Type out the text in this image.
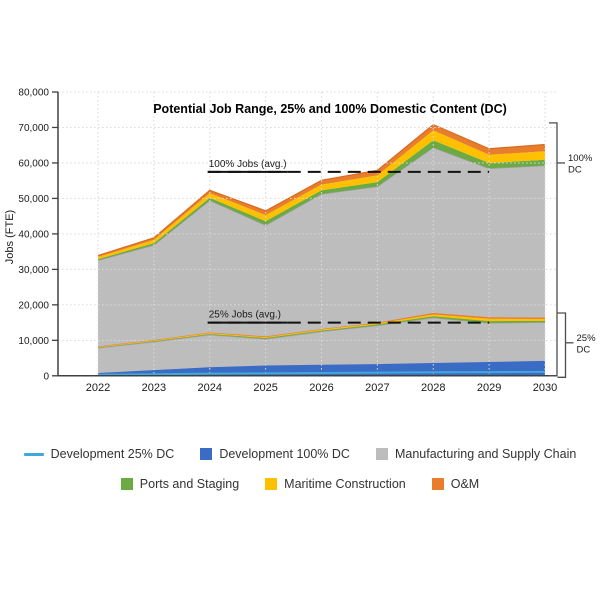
100% Jobs (avg.)
25% Jobs (avg.)
0
10,000
20,000
30,000
40,000
50,000
60,000
70,000
80,000
2022	2023	2024	2025	2026	2027	2028	2029	2030
Jobs (FTE)
Potential Job Range, 25% and 100% Domestic Content (DC)
100%
DC
25%
DC
Development 25% DC	Development 100% DC	Manufacturing and Supply Chain
Ports and Staging	Maritime Construction	O&M
